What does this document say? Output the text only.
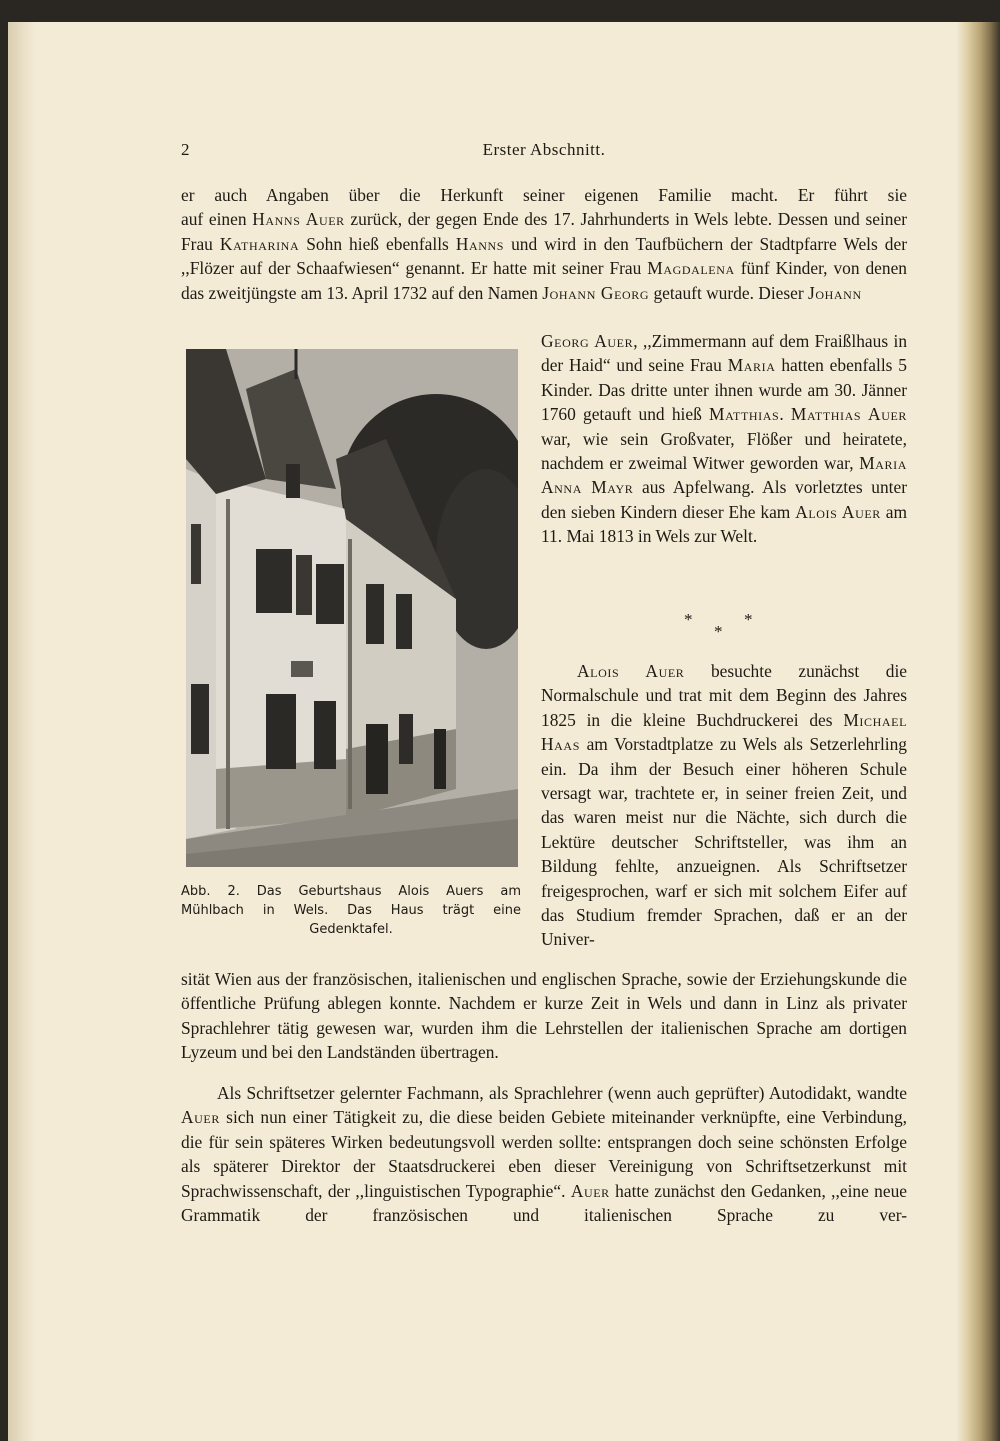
2	Erster Abschnitt.

er auch Angaben über die Herkunft seiner eigenen Familie macht. Er führt sie

auf einen Hanns Auer zurück, der gegen Ende des 17. Jahrhunderts in Wels lebte. Dessen und seiner Frau Katharina Sohn hieß ebenfalls Hanns und wird in den Taufbüchern der Stadtpfarre Wels der ,,Flözer auf der Schaafwiesen“ genannt. Er hatte mit seiner Frau Magdalena fünf Kinder, von denen das zweitjüngste am 13. April 1732 auf den Namen Johann Georg getauft wurde. Dieser Johann

Abb. 2. Das Geburtshaus Alois Auers am
Mühlbach in Wels. Das Haus trägt eine
Gedenktafel.

Georg Auer, ,,Zimmermann auf dem Fraißlhaus in der Haid“ und seine Frau Maria hatten ebenfalls 5 Kinder. Das dritte unter ihnen wurde am 30. Jänner 1760 getauft und hieß Matthias. Matthias Auer war, wie sein Großvater, Flößer und heiratete, nachdem er zweimal Witwer geworden war, Maria Anna Mayr aus Apfelwang. Als vorletztes unter den sieben Kindern dieser Ehe kam Alois Auer am 11. Mai 1813 in Wels zur Welt.

*	*
*

Alois Auer besuchte zunächst die Normalschule und trat mit dem Beginn des Jahres 1825 in die kleine Buchdruckerei des Michael Haas am Vorstadtplatze zu Wels als Setzerlehrling ein. Da ihm der Besuch einer höheren Schule versagt war, trachtete er, in seiner freien Zeit, und das waren meist nur die Nächte, sich durch die Lektüre deutscher Schriftsteller, was ihm an Bildung fehlte, anzueignen. Als Schriftsetzer freigesprochen, warf er sich mit solchem Eifer auf das Studium fremder Sprachen, daß er an der Univer-

sität Wien aus der französischen, italienischen und englischen Sprache, sowie der Erziehungskunde die öffentliche Prüfung ablegen konnte. Nachdem er kurze Zeit in Wels und dann in Linz als privater Sprachlehrer tätig gewesen war, wurden ihm die Lehrstellen der italienischen Sprache am dortigen Lyzeum und bei den Landständen übertragen.

Als Schriftsetzer gelernter Fachmann, als Sprachlehrer (wenn auch geprüfter) Autodidakt, wandte Auer sich nun einer Tätigkeit zu, die diese beiden Gebiete miteinander verknüpfte, eine Verbindung, die für sein späteres Wirken bedeutungsvoll werden sollte: entsprangen doch seine schönsten Erfolge als späterer Direktor der Staatsdruckerei eben dieser Vereinigung von Schriftsetzerkunst mit Sprachwissenschaft, der ,,linguistischen Typographie“. Auer hatte zunächst den Gedanken, ,,eine neue Grammatik der französischen und italienischen Sprache zu ver-
